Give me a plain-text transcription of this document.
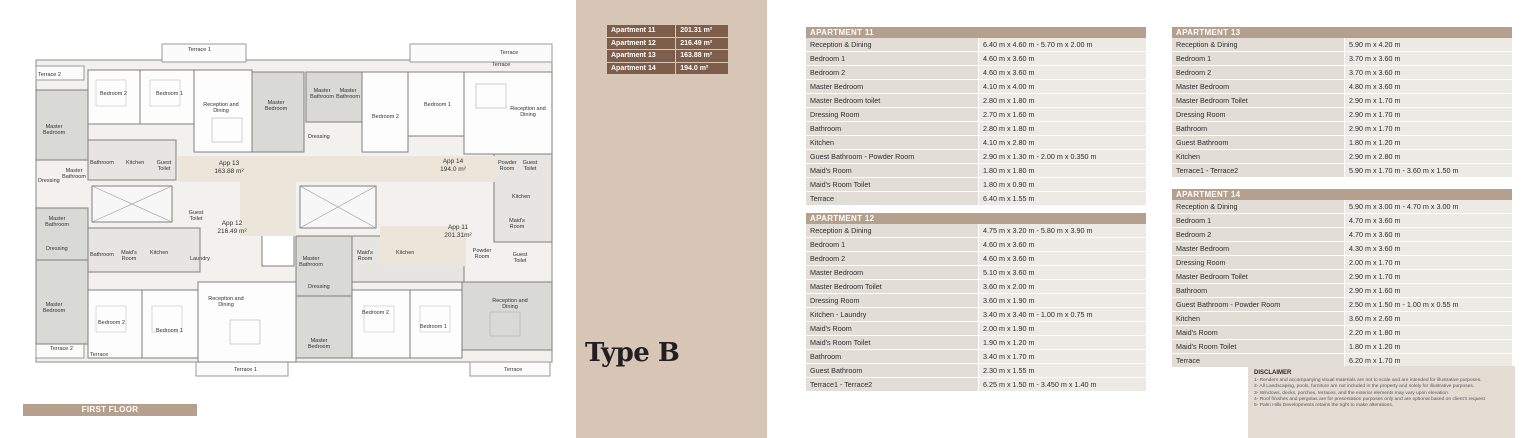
Terrace 1	Terrace
Terrace 2
Terrace
Bedroom 2	Bedroom 1
Reception and Dining
Master Bedroom
Master Bathroom
Master Bathroom
Bedroom 2
Bedroom 1
Reception and Dining
Master Bedroom
Dressing
Bathroom Kitchen Guest Toilet
Dressing
Master Bathroom
Powder Room
Guest Toilet
Kitchen
Maid's Room
Guest Toilet
Master Bathroom
Dressing
Bathroom Maid's Room
Kitchen
Laundry	Master Bathroom
Maid's Room
Kitchen	Powder Room	Guest Toilet
Dressing
Master Bedroom
Bedroom 2
Bedroom 1
Reception and Dining
Master Bedroom
Bedroom 2
Bedroom 1
Reception and Dining
Terrace 2
Terrace 1
Terrace
Terrace
App 13
163.88 m²
App 14
194.0 m²
App 12
216.49 m²
App 11
201.31m²
FIRST FLOOR
Apartment 11	201.31 m²
Apartment 12	216.49 m²
Apartment 13	163.88 m²
Apartment 14	194.0 m²
Type B
APARTMENT 11
Reception & Dining	6.40 m x 4.60 m - 5.70 m x 2.00 m
Bedroom 1	4.60 m x 3.60 m
Bedroom 2	4.60 m x 3.60 m
Master Bedroom	4.10 m x 4.00 m
Master Bedroom toilet	2.80 m x 1.80 m
Dressing Room	2.70 m x 1.60 m
Bathroom	2.80 m x 1.80 m
Kitchen	4.10 m x 2.80 m
Guest Bathroom - Powder Room	2.90 m x 1.30 m - 2.00 m x 0.350 m
Maid's Room	1.80 m x 1.80 m
Maid's Room Toilet	1.80 m x 0.90 m
Terrace	6.40 m x 1.55 m
APARTMENT 12
Reception & Dining	4.75 m x 3.20 m - 5.80 m x 3.90 m
Bedroom 1	4.60 m x 3.60 m
Bedroom 2	4.60 m x 3.60 m
Master Bedroom	5.10 m x 3.60 m
Master Bedroom Toilet	3.60 m x 2.00 m
Dressing Room	3.60 m x 1.90 m
Kitchen - Laundry	3.40 m x 3.40 m - 1.00 m x 0.75 m
Maid's Room	2.00 m x 1.90 m
Maid's Room Toilet	1.90 m x 1.20 m
Bathroom	3.40 m x 1.70 m
Guest Bathroom	2.30 m x 1.55 m
Terrace1 - Terrace2	6.25 m x 1.50 m - 3.450 m x 1.40 m
APARTMENT 13
Reception & Dining	5.90 m x 4.20 m
Bedroom 1	3.70 m x 3.60 m
Bedroom 2	3.70 m x 3.60 m
Master Bedroom	4.80 m x 3.60 m
Master Bedroom Toilet	2.90 m x 1.70 m
Dressing Room	2.90 m x 1.70 m
Bathroom	2.90 m x 1.70 m
Guest Bathroom	1.80 m x 1.20 m
Kitchen	2.90 m x 2.80 m
Terrace1 - Terrace2	5.90 m x 1.70 m - 3.60 m x 1.50 m
APARTMENT 14
Reception & Dining	5.90 m x 3.00 m - 4.70 m x 3.00 m
Bedroom 1	4.70 m x 3.60 m
Bedroom 2	4.70 m x 3.60 m
Master Bedroom	4.30 m x 3.60 m
Dressing Room	2.00 m x 1.70 m
Master Bedroom Toilet	2.90 m x 1.70 m
Bathroom	2.90 m x 1.60 m
Guest Bathroom - Powder Room	2.50 m x 1.50 m - 1.00 m x 0.55 m
Kitchen	3.60 m x 2.60 m
Maid's Room	2.20 m x 1.80 m
Maid's Room Toilet	1.80 m x 1.20 m
Terrace	6.20 m x 1.70 m
DISCLAIMER
1- Renders and accompanying visual materials are not to scale and are intended for illustrative purposes.
2- All Landscaping, pools, furniture are not included in the property and solely for illustrative purposes.
3- Windows, decks, porches, terraces, and the exterior elements may vary upon elevation.
4- Roof finishes and pergolas are for presentation purposes only and are optional based on client's request
5- Palm Hills Developments retains the right to make alterations.
